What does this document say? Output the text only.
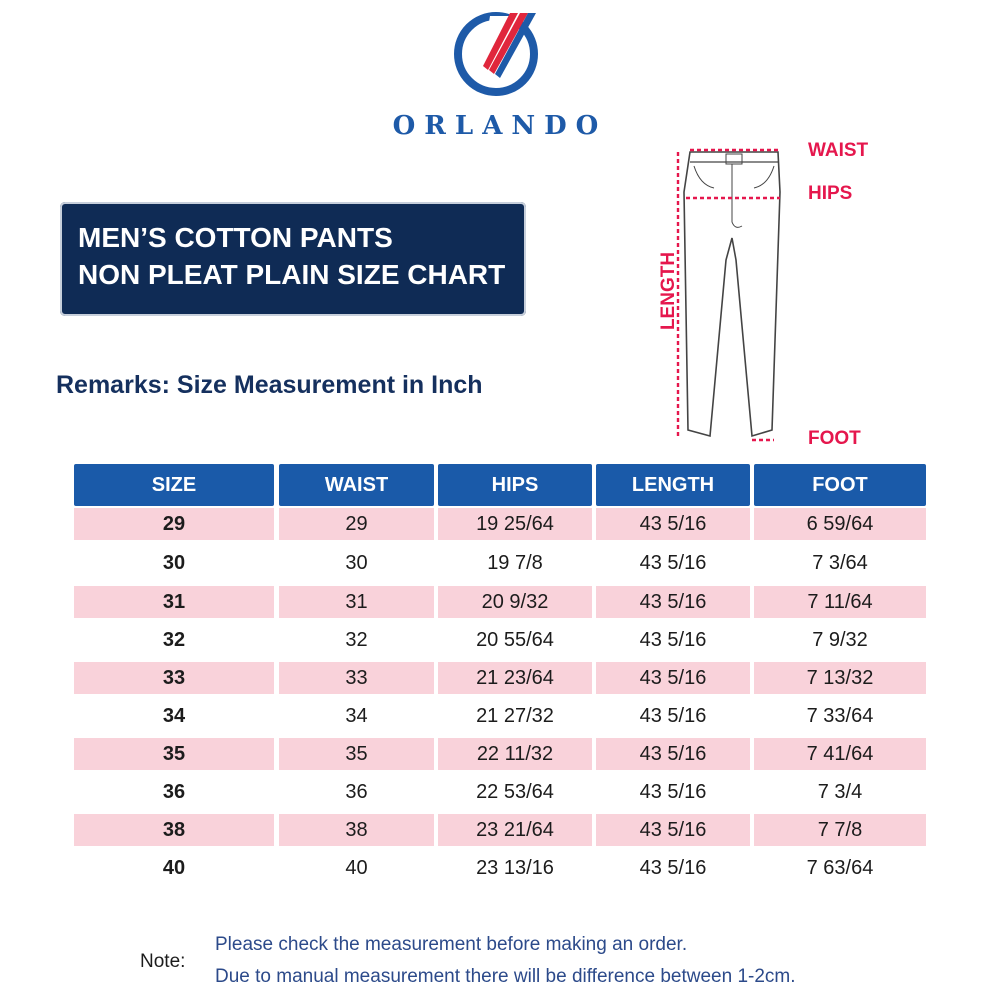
ORLANDO
MEN’S COTTON PANTS
NON PLEAT PLAIN SIZE CHART
Remarks: Size Measurement in Inch
WAIST
HIPS
LENGTH
FOOT
SIZE	WAIST	HIPS	LENGTH	FOOT
29	29	19 25/64	43 5/16	6 59/64
30	30	19 7/8	43 5/16	7 3/64
31	31	20 9/32	43 5/16	7 11/64
32	32	20 55/64	43 5/16	7 9/32
33	33	21 23/64	43 5/16	7 13/32
34	34	21 27/32	43 5/16	7 33/64
35	35	22 11/32	43 5/16	7 41/64
36	36	22 53/64	43 5/16	7 3/4
38	38	23 21/64	43 5/16	7 7/8
40	40	23 13/16	43 5/16	7 63/64
Note:
Please check the measurement before making an order.
Due to manual measurement there will be difference between 1-2cm.
